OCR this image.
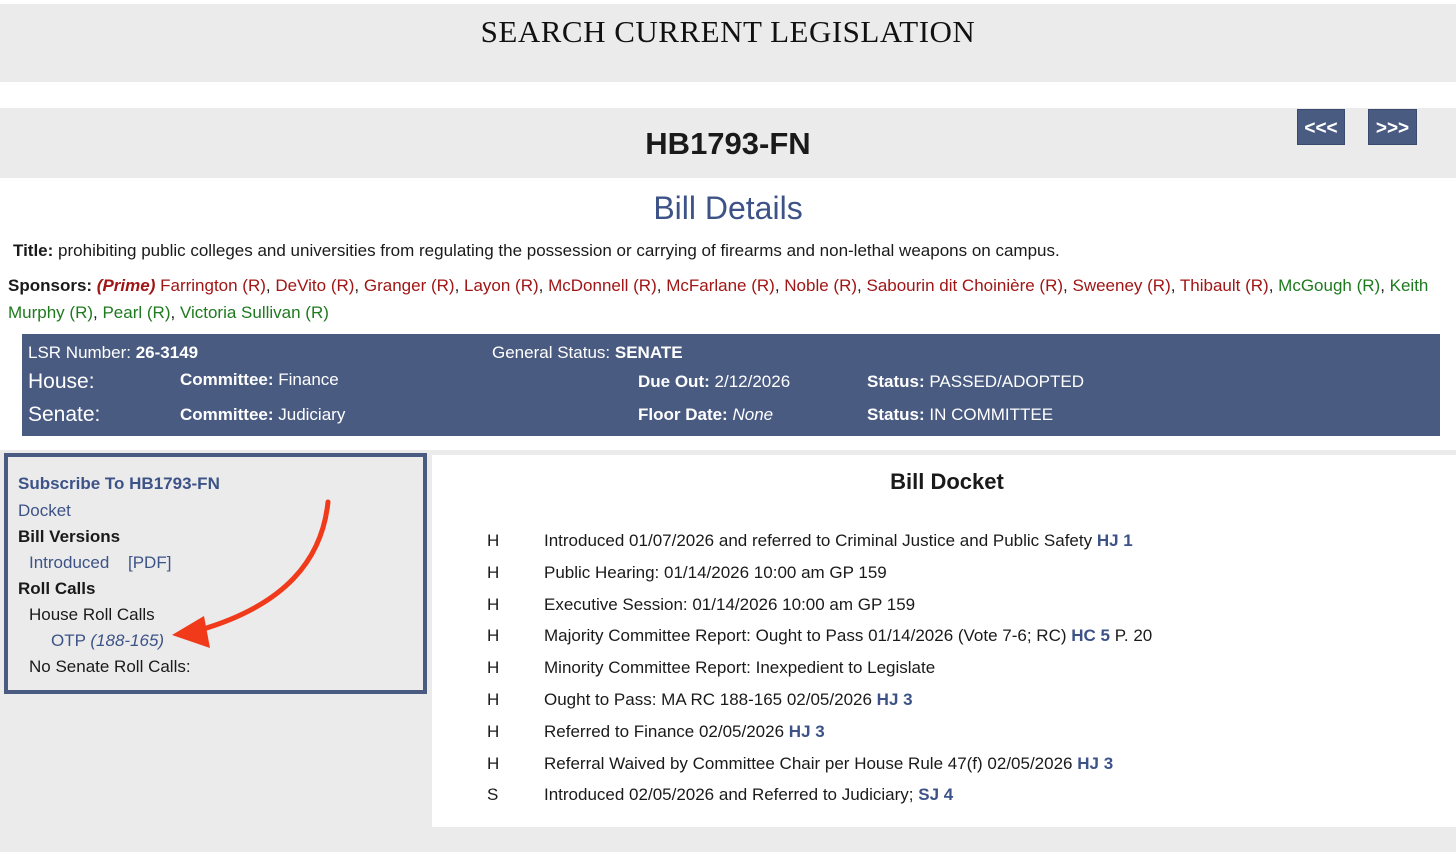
SEARCH CURRENT LEGISLATION
HB1793-FN	<<<	>>>
Bill Details
Title: prohibiting public colleges and universities from regulating the possession or carrying of firearms and non-lethal weapons on campus.
Sponsors: (Prime) Farrington (R), DeVito (R), Granger (R), Layon (R), McDonnell (R), McFarlane (R), Noble (R), Sabourin dit Choinière (R), Sweeney (R), Thibault (R), McGough (R), Keith Murphy (R), Pearl (R), Victoria Sullivan (R)
LSR Number: 26-3149	General Status: SENATE
House:	Committee: Finance	Due Out: 2/12/2026	Status: PASSED/ADOPTED
Senate:	Committee: Judiciary	Floor Date: None	Status: IN COMMITTEE
Subscribe To HB1793-FN
Docket
Bill Versions
Introduced [PDF]
Roll Calls
House Roll Calls
OTP (188-165)
No Senate Roll Calls:
Bill Docket
H	Introduced 01/07/2026 and referred to Criminal Justice and Public Safety HJ 1
H	Public Hearing: 01/14/2026 10:00 am GP 159
H	Executive Session: 01/14/2026 10:00 am GP 159
H	Majority Committee Report: Ought to Pass 01/14/2026 (Vote 7-6; RC) HC 5 P. 20
H	Minority Committee Report: Inexpedient to Legislate
H	Ought to Pass: MA RC 188-165 02/05/2026 HJ 3
H	Referred to Finance 02/05/2026 HJ 3
H	Referral Waived by Committee Chair per House Rule 47(f) 02/05/2026 HJ 3
S	Introduced 02/05/2026 and Referred to Judiciary; SJ 4
